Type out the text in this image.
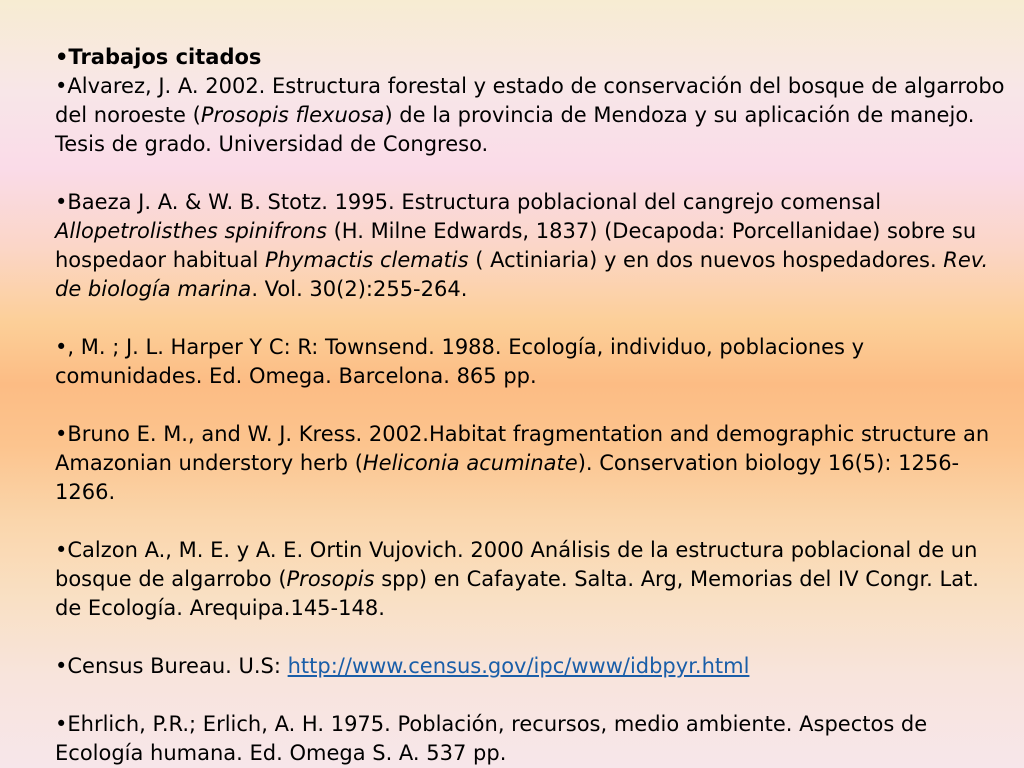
•Trabajos citados

•Alvarez, J. A. 2002. Estructura forestal y estado de conservación del bosque de algarrobo del noroeste (Prosopis flexuosa) de la provincia de Mendoza y su aplicación de manejo. Tesis de grado. Universidad de Congreso.

•Baeza J. A. & W. B. Stotz. 1995. Estructura poblacional del cangrejo comensal Allopetrolisthes spinifrons (H. Milne Edwards, 1837) (Decapoda: Porcellanidae) sobre su hospedaor habitual Phymactis clematis ( Actiniaria) y en dos nuevos hospedadores. Rev. de biología marina. Vol. 30(2):255-264.

•, M. ; J. L. Harper Y C: R: Townsend. 1988. Ecología, individuo, poblaciones y comunidades. Ed. Omega. Barcelona. 865 pp.

•Bruno E. M., and W. J. Kress. 2002.Habitat fragmentation and demographic structure an Amazonian understory herb (Heliconia acuminate). Conservation biology 16(5): 1256-1266.

•Calzon A., M. E. y A. E. Ortin Vujovich. 2000 Análisis de la estructura poblacional de un bosque de algarrobo (Prosopis spp) en Cafayate. Salta. Arg, Memorias del IV Congr. Lat. de Ecología. Arequipa.145-148.

•Census Bureau. U.S: http://www.census.gov/ipc/www/idbpyr.html

•Ehrlich, P.R.; Erlich, A. H. 1975. Población, recursos, medio ambiente. Aspectos de Ecología humana. Ed. Omega S. A. 537 pp.
